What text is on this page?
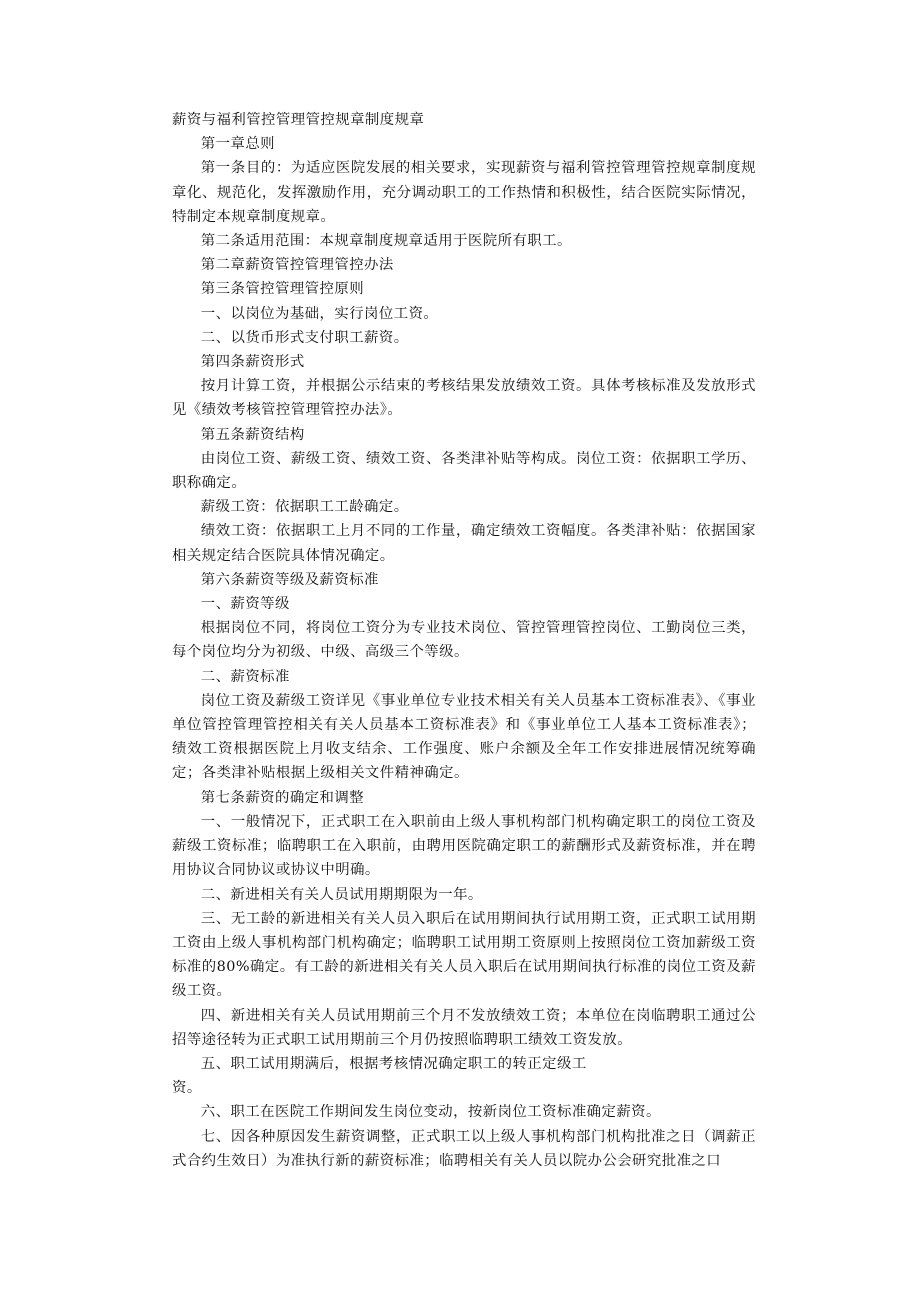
薪资与福利管控管理管控规章制度规章

第一章总则

第一条目的：为适应医院发展的相关要求，实现薪资与福利管控管理管控规章制度规章化、规范化，发挥激励作用，充分调动职工的工作热情和积极性，结合医院实际情况，特制定本规章制度规章。

第二条适用范围：本规章制度规章适用于医院所有职工。

第二章薪资管控管理管控办法

第三条管控管理管控原则

一、以岗位为基础，实行岗位工资。

二、以货币形式支付职工薪资。

第四条薪资形式

按月计算工资，并根据公示结束的考核结果发放绩效工资。具体考核标准及发放形式见《绩效考核管控管理管控办法》。

第五条薪资结构

由岗位工资、薪级工资、绩效工资、各类津补贴等构成。岗位工资：依据职工学历、职称确定。

薪级工资：依据职工工龄确定。

绩效工资：依据职工上月不同的工作量，确定绩效工资幅度。各类津补贴：依据国家相关规定结合医院具体情况确定。

第六条薪资等级及薪资标准

一、薪资等级

根据岗位不同，将岗位工资分为专业技术岗位、管控管理管控岗位、工勤岗位三类，每个岗位均分为初级、中级、高级三个等级。

二、薪资标准

岗位工资及薪级工资详见《事业单位专业技术相关有关人员基本工资标准表》、《事业单位管控管理管控相关有关人员基本工资标准表》和《事业单位工人基本工资标准表》；绩效工资根据医院上月收支结余、工作强度、账户余额及全年工作安排进展情况统筹确定；各类津补贴根据上级相关文件精神确定。

第七条薪资的确定和调整

一、一般情况下，正式职工在入职前由上级人事机构部门机构确定职工的岗位工资及薪级工资标准；临聘职工在入职前，由聘用医院确定职工的薪酬形式及薪资标准，并在聘用协议合同协议或协议中明确。

二、新进相关有关人员试用期期限为一年。

三、无工龄的新进相关有关人员入职后在试用期间执行试用期工资，正式职工试用期工资由上级人事机构部门机构确定；临聘职工试用期工资原则上按照岗位工资加薪级工资标准的80%确定。有工龄的新进相关有关人员入职后在试用期间执行标准的岗位工资及薪级工资。

四、新进相关有关人员试用期前三个月不发放绩效工资；本单位在岗临聘职工通过公招等途径转为正式职工试用期前三个月仍按照临聘职工绩效工资发放。

五、职工试用期满后，根据考核情况确定职工的转正定级工

资。

六、职工在医院工作期间发生岗位变动，按新岗位工资标准确定薪资。

七、因各种原因发生薪资调整，正式职工以上级人事机构部门机构批准之日（调薪正式合约生效日）为准执行新的薪资标准；临聘相关有关人员以院办公会研究批准之口
